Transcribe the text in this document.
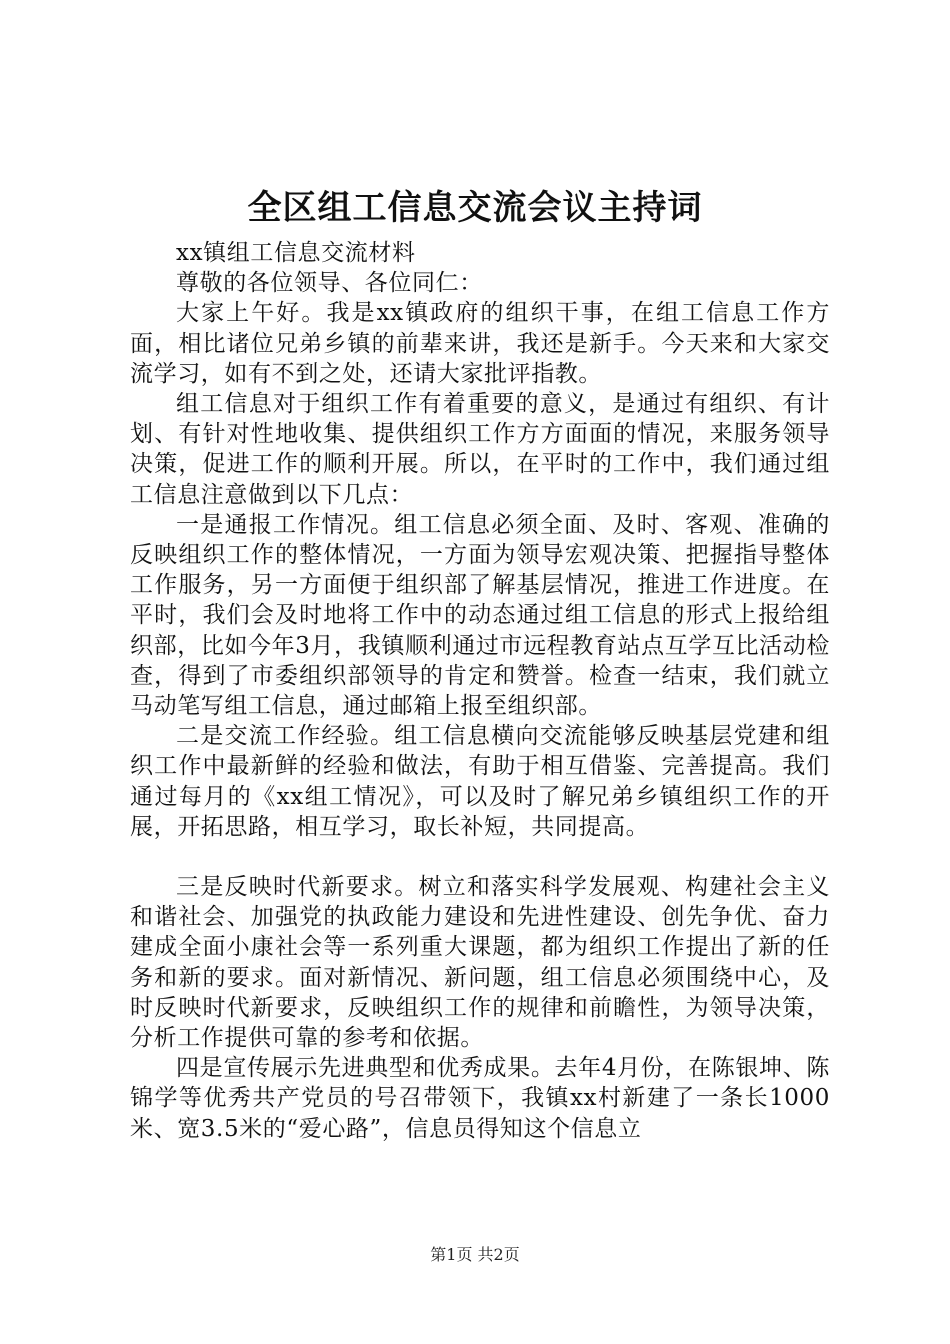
全区组工信息交流会议主持词

xx镇组工信息交流材料

尊敬的各位领导、各位同仁：

大家上午好。我是xx镇政府的组织干事，在组工信息工作方面，相比诸位兄弟乡镇的前辈来讲，我还是新手。今天来和大家交流学习，如有不到之处，还请大家批评指教。

组工信息对于组织工作有着重要的意义，是通过有组织、有计划、有针对性地收集、提供组织工作方方面面的情况，来服务领导决策，促进工作的顺利开展。所以，在平时的工作中，我们通过组工信息注意做到以下几点：

一是通报工作情况。组工信息必须全面、及时、客观、准确的反映组织工作的整体情况，一方面为领导宏观决策、把握指导整体工作服务，另一方面便于组织部了解基层情况，推进工作进度。在平时，我们会及时地将工作中的动态通过组工信息的形式上报给组织部，比如今年3月，我镇顺利通过市远程教育站点互学互比活动检查，得到了市委组织部领导的肯定和赞誉。检查一结束，我们就立马动笔写组工信息，通过邮箱上报至组织部。

二是交流工作经验。组工信息横向交流能够反映基层党建和组织工作中最新鲜的经验和做法，有助于相互借鉴、完善提高。我们通过每月的《xx组工情况》，可以及时了解兄弟乡镇组织工作的开展，开拓思路，相互学习，取长补短，共同提高。

三是反映时代新要求。树立和落实科学发展观、构建社会主义和谐社会、加强党的执政能力建设和先进性建设、创先争优、奋力建成全面小康社会等一系列重大课题，都为组织工作提出了新的任务和新的要求。面对新情况、新问题，组工信息必须围绕中心，及时反映时代新要求，反映组织工作的规律和前瞻性，为领导决策，分析工作提供可靠的参考和依据。

四是宣传展示先进典型和优秀成果。去年4月份，在陈银坤、陈锦学等优秀共产党员的号召带领下，我镇xx村新建了一条长1000米、宽3.5米的“爱心路”，信息员得知这个信息立

第1页 共2页
